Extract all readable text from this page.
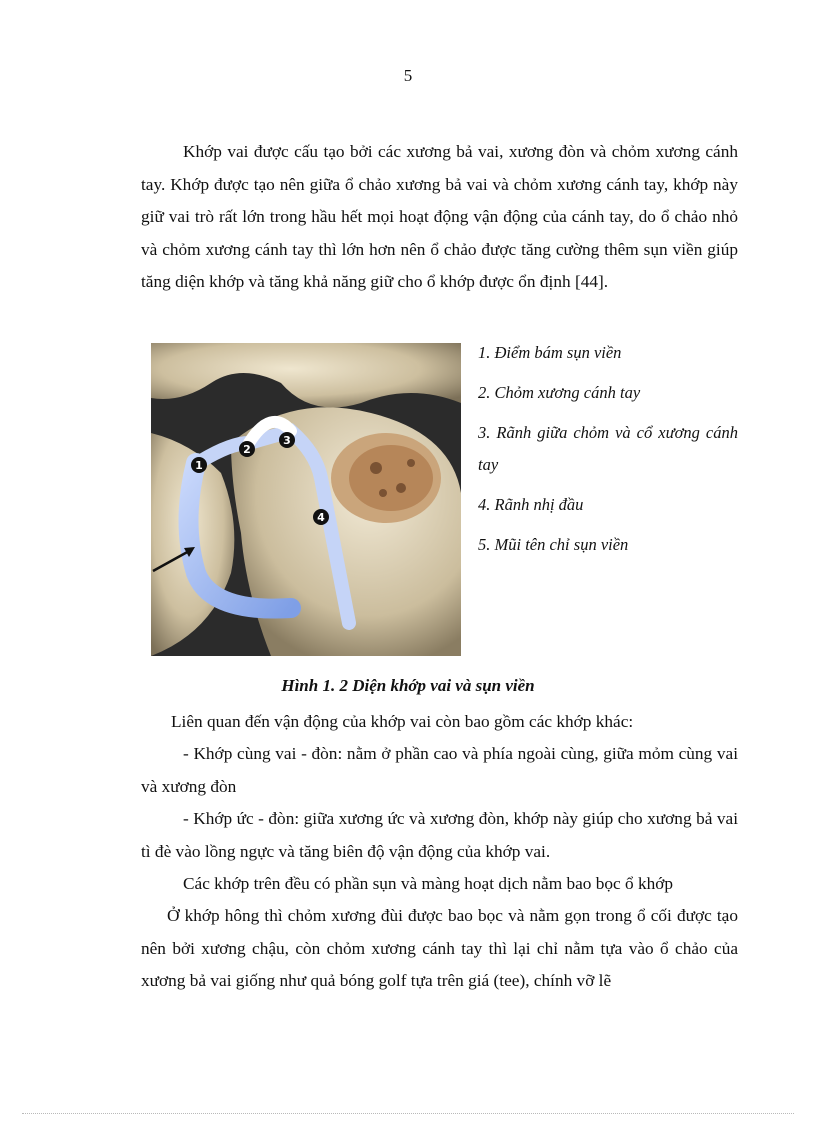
5

Khớp vai được cấu tạo bởi các xương bả vai, xương đòn và chỏm xương cánh tay. Khớp được tạo nên giữa ổ chảo xương bả vai và chỏm xương cánh tay, khớp này giữ vai trò rất lớn trong hầu hết mọi hoạt động vận động của cánh tay, do ổ chảo nhỏ và chỏm xương cánh tay thì lớn hơn nên ổ chảo được tăng cường thêm sụn viền giúp tăng diện khớp và tăng khả năng giữ cho ổ khớp được ổn định [44].

1
2
3
4
1. Điểm bám sụn viền
2. Chỏm xương cánh tay
3. Rãnh giữa chỏm và cổ xương cánh tay
4. Rãnh nhị đầu
5. Mũi tên chỉ sụn viền
Hình 1. 2 Diện khớp vai và sụn viền

Liên quan đến vận động của khớp vai còn bao gồm các khớp khác:

- Khớp cùng vai - đòn: nằm ở phần cao và phía ngoài cùng, giữa mỏm cùng vai và xương đòn

- Khớp ức - đòn: giữa xương ức và xương đòn, khớp này giúp cho xương bả vai tì đè vào lồng ngực và tăng biên độ vận động của khớp vai.

Các khớp trên đều có phần sụn và màng hoạt dịch nằm bao bọc ổ khớp

Ở khớp hông thì chỏm xương đùi được bao bọc và nằm gọn trong ổ cối được tạo nên bởi xương chậu, còn chỏm xương cánh tay thì lại chỉ nằm tựa vào ổ chảo của xương bả vai giống như quả bóng golf tựa trên giá (tee), chính vỡ lẽ
